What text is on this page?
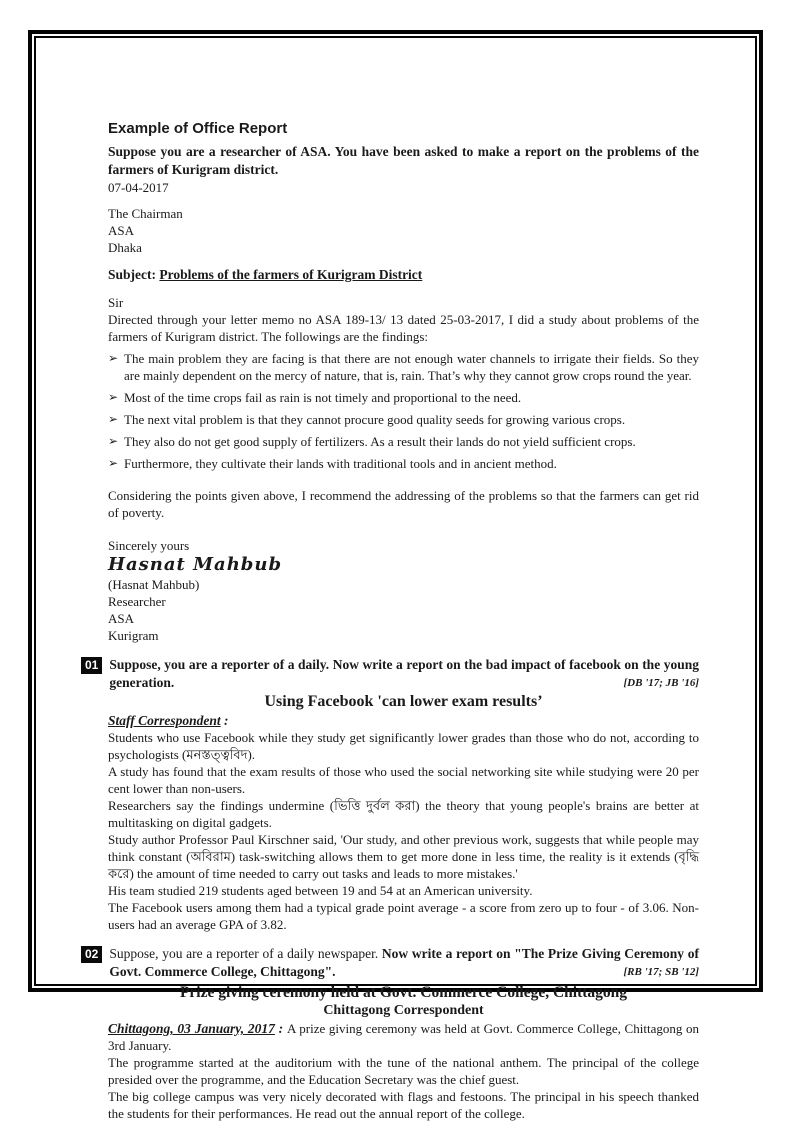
Example of Office Report
Suppose you are a researcher of ASA. You have been asked to make a report on the problems of the farmers of Kurigram district.
07-04-2017
The Chairman
ASA
Dhaka
Subject: Problems of the farmers of Kurigram District
Sir
Directed through your letter memo no ASA 189-13/ 13 dated 25-03-2017, I did a study about problems of the farmers of Kurigram district. The followings are the findings:
➢ The main problem they are facing is that there are not enough water channels to irrigate their fields. So they are mainly dependent on the mercy of nature, that is, rain. That’s why they cannot grow crops round the year.
➢ Most of the time crops fail as rain is not timely and proportional to the need.
➢ The next vital problem is that they cannot procure good quality seeds for growing various crops.
➢ They also do not get good supply of fertilizers. As a result their lands do not yield sufficient crops.
➢ Furthermore, they cultivate their lands with traditional tools and in ancient method.
Considering the points given above, I recommend the addressing of the problems so that the farmers can get rid of poverty.
Sincerely yours
Hasnat Mahbub
(Hasnat Mahbub)
Researcher
ASA
Kurigram
01 Suppose, you are a reporter of a daily. Now write a report on the bad impact of facebook on the young generation.	[DB '17; JB '16]
Using Facebook 'can lower exam results’
Staff Correspondent :
Students who use Facebook while they study get significantly lower grades than those who do not, according to psychologists (মনস্তত্ত্ববিদ).
A study has found that the exam results of those who used the social networking site while studying were 20 per cent lower than non-users.
Researchers say the findings undermine (ভিত্তি দুর্বল করা) the theory that young people's brains are better at multitasking on digital gadgets.
Study author Professor Paul Kirschner said, 'Our study, and other previous work, suggests that while people may think constant (অবিরাম) task-switching allows them to get more done in less time, the reality is it extends (বৃদ্ধি করে) the amount of time needed to carry out tasks and leads to more mistakes.'
His team studied 219 students aged between 19 and 54 at an American university.
The Facebook users among them had a typical grade point average - a score from zero up to four - of 3.06. Non-users had an average GPA of 3.82.
02 Suppose, you are a reporter of a daily newspaper. Now write a report on "The Prize Giving Ceremony of Govt. Commerce College, Chittagong".	[RB '17; SB '12]
Prize giving ceremony held at Govt. Commerce College, Chittagong
Chittagong Correspondent
Chittagong, 03 January, 2017 : A prize giving ceremony was held at Govt. Commerce College, Chittagong on 3rd January.
The programme started at the auditorium with the tune of the national anthem. The principal of the college presided over the programme, and the Education Secretary was the chief guest.
The big college campus was very nicely decorated with flags and festoons. The principal in his speech thanked the students for their performances. He read out the annual report of the college.
